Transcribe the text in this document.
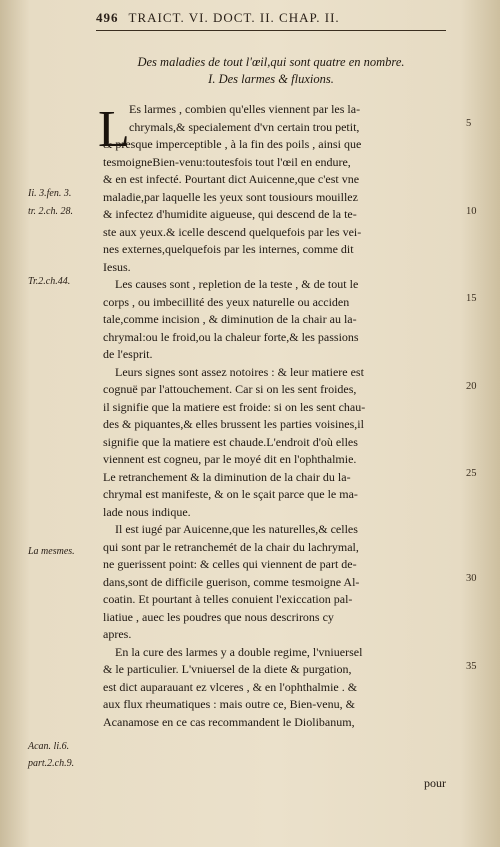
496 TRAICT. VI. DOCT. II. CHAP. II.
Des maladies de tout l'œil,qui sont quatre en nombre.
I. Des larmes & fluxions.
L Es larmes , combien qu'elles viennent par les la-
chrymals,& specialement d'vn certain trou petit,
& presque imperceptible , à la fin des poils , ainsi que
tesmoigneBien-venu:toutesfois tout l'œil en endure,
& en est infecté. Pourtant dict Auicenne,que c'est vne
maladie,par laquelle les yeux sont tousiours mouillez
& infectez d'humidite aigueuse, qui descend de la te-
ste aux yeux.& icelle descend quelquefois par les vei-
nes externes,quelquefois par les internes, comme dit
Iesus.
Les causes sont , repletion de la teste , & de tout le
corps , ou imbecillité des yeux naturelle ou acciden
tale,comme incision , & diminution de la chair au la-
chrymal:ou le froid,ou la chaleur forte,& les passions
de l'esprit.
Leurs signes sont assez notoires : & leur matiere est
cognuë par l'attouchement. Car si on les sent froides,
il signifie que la matiere est froide: si on les sent chau-
des & piquantes,& elles brussent les parties voisines,il
signifie que la matiere est chaude.L'endroit d'où elles
viennent est cogneu, par le moyé dit en l'ophthalmie.
Le retranchement & la diminution de la chair du la-
chrymal est manifeste, & on le sçait parce que le ma-
lade nous indique.
Il est iugé par Auicenne,que les naturelles,& celles
qui sont par le retranchemét de la chair du lachrymal,
ne guerissent point: & celles qui viennent de part de-
dans,sont de difficile guerison, comme tesmoigne Al-
coatin. Et pourtant à telles conuient l'exiccation pal-
liatiue , auec les poudres que nous descrirons cy
apres.
En la cure des larmes y a double regime, l'vniuersel
& le particulier. L'vniuersel de la diete & purgation,
est dict auparauant ez vlceres , & en l'ophthalmie . &
aux flux rheumatiques : mais outre ce, Bien-venu, &
Acanamose en ce cas recommandent le Diolibanum,
Ii. 3.fen. 3.
tr. 2.ch. 28.
Tr.2.ch.44.
La mesmes.
Acan. li.6.
part.2.ch.9.
5
10
15
20
25
30
35
pour
